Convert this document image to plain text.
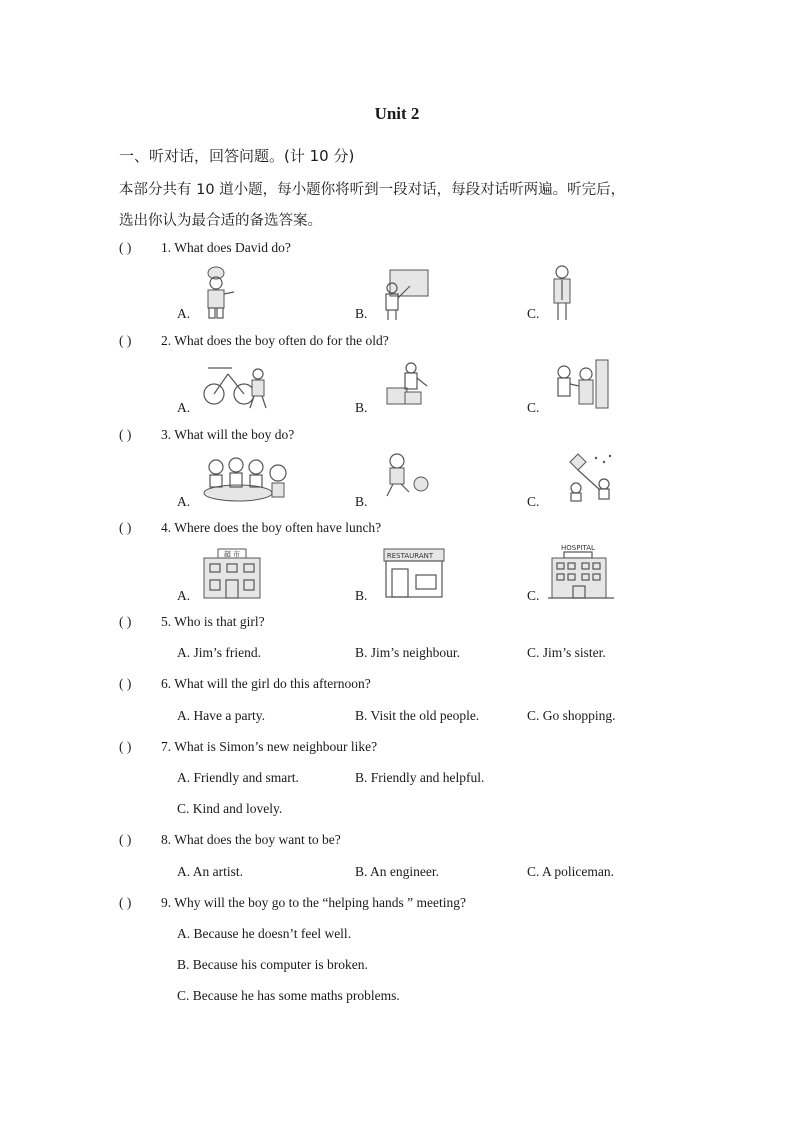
Unit 2
一、听对话，回答问题。(计 10 分)
本部分共有 10 道小题，每小题你将听到一段对话，每段对话听两遍。听完后，
选出你认为最合适的备选答案。
( ) 1. What does David do?
A.	B.	C.
( ) 2. What does the boy often do for the old?
A.	B.	C.
( ) 3. What will the boy do?
A.	B.	C.
( ) 4. Where does the boy often have lunch?
A.	B.	C.
超 市	RESTAURANT
HOSPITAL
( ) 5. Who is that girl?
A. Jim’s friend.	B. Jim’s neighbour.	C. Jim’s sister.
( ) 6. What will the girl do this afternoon?
A. Have a party.	B. Visit the old people.	C. Go shopping.
( ) 7. What is Simon’s new neighbour like?
A. Friendly and smart.	B. Friendly and helpful.
C. Kind and lovely.
( ) 8. What does the boy want to be?
A. An artist.	B. An engineer.	C. A policeman.
( ) 9. Why will the boy go to the “helping hands ” meeting?
A. Because he doesn’t feel well.
B. Because his computer is broken.
C. Because he has some maths problems.
